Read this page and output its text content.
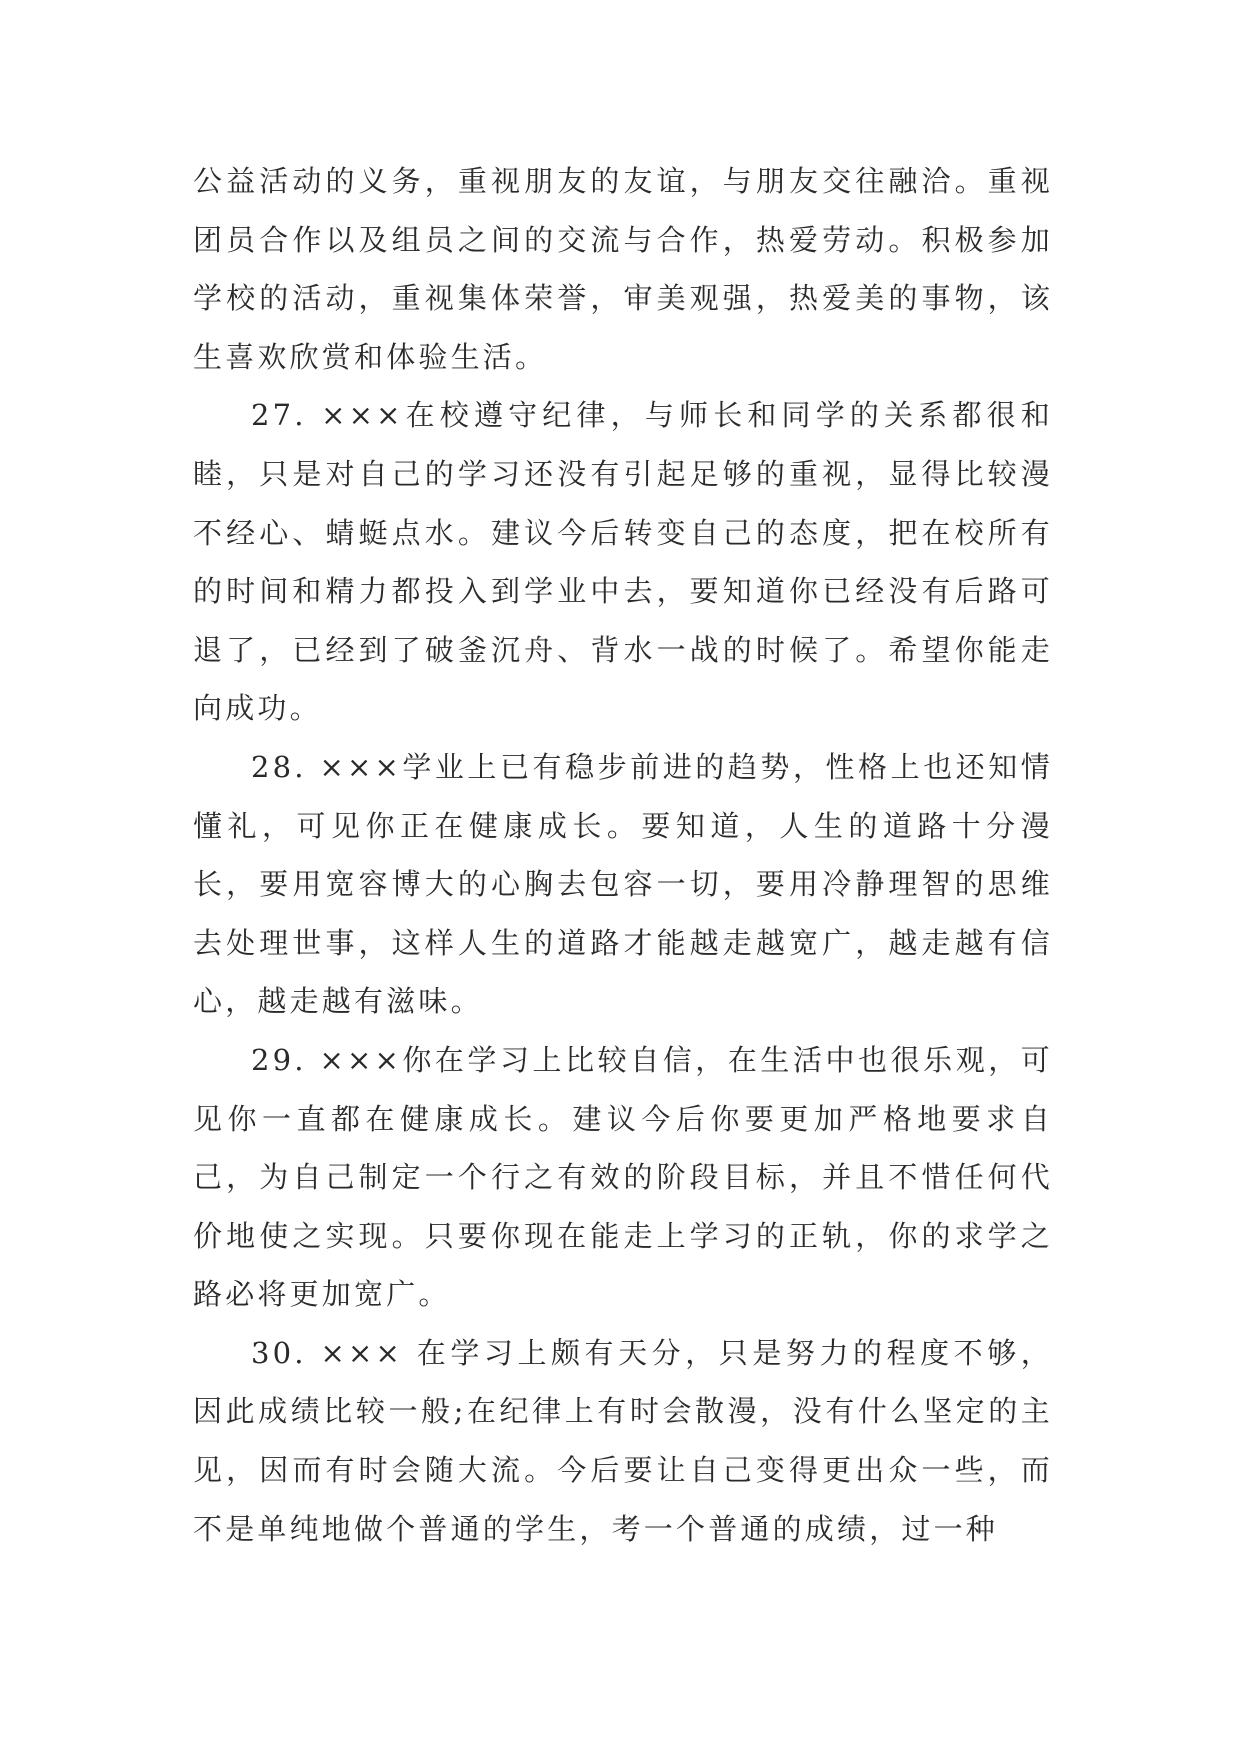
公益活动的义务，重视朋友的友谊，与朋友交往融洽。重视团员合作以及组员之间的交流与合作，热爱劳动。积极参加学校的活动，重视集体荣誉，审美观强，热爱美的事物，该生喜欢欣赏和体验生活。

27. ×××在校遵守纪律，与师长和同学的关系都很和睦，只是对自己的学习还没有引起足够的重视，显得比较漫不经心、蜻蜓点水。建议今后转变自己的态度，把在校所有的时间和精力都投入到学业中去，要知道你已经没有后路可退了，已经到了破釜沉舟、背水一战的时候了。希望你能走向成功。

28. ×××学业上已有稳步前进的趋势，性格上也还知情懂礼，可见你正在健康成长。要知道，人生的道路十分漫长，要用宽容博大的心胸去包容一切，要用冷静理智的思维去处理世事，这样人生的道路才能越走越宽广，越走越有信心，越走越有滋味。

29. ×××你在学习上比较自信，在生活中也很乐观，可见你一直都在健康成长。建议今后你要更加严格地要求自己，为自己制定一个行之有效的阶段目标，并且不惜任何代价地使之实现。只要你现在能走上学习的正轨，你的求学之路必将更加宽广。

30. ××× 在学习上颇有天分，只是努力的程度不够，因此成绩比较一般;在纪律上有时会散漫，没有什么坚定的主见，因而有时会随大流。今后要让自己变得更出众一些，而不是单纯地做个普通的学生，考一个普通的成绩，过一种
